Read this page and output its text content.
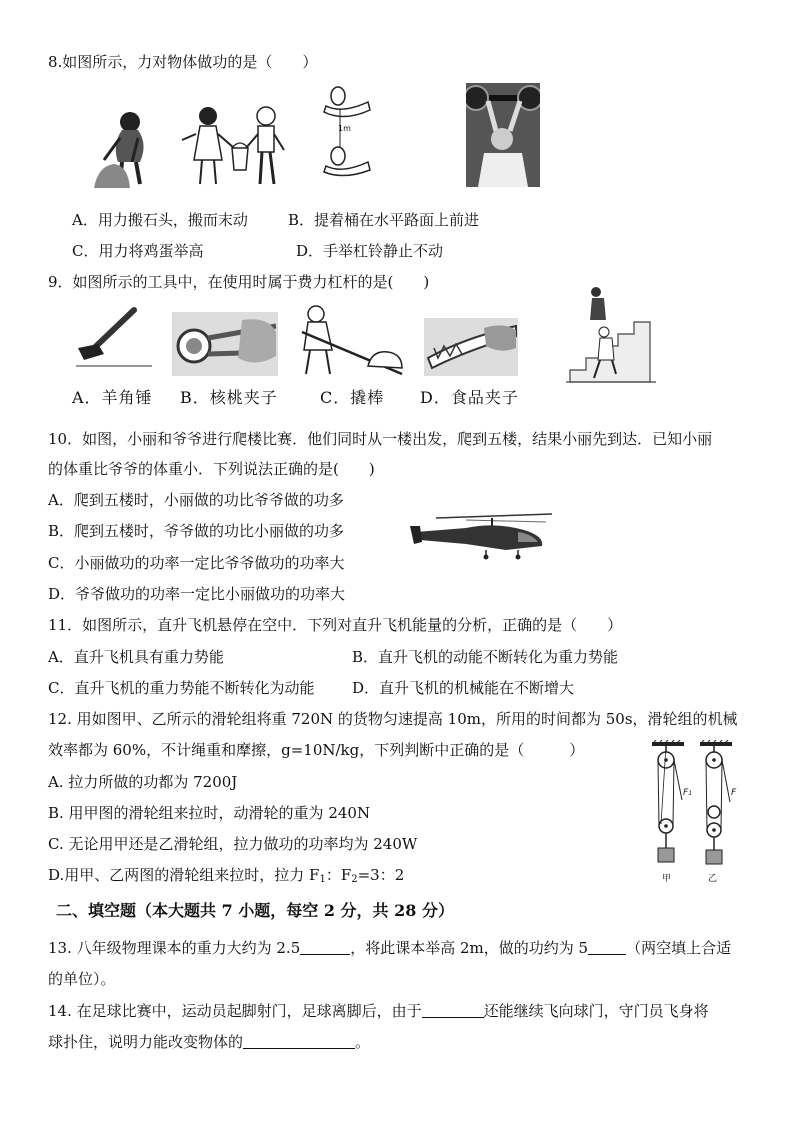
8.如图所示，力对物体做功的是（　　）
1m
A．用力搬石头，搬而末动	B．提着桶在水平路面上前进
C．用力将鸡蛋举高	D．手举杠铃静止不动
9．如图所示的工具中，在使用时属于费力杠杆的是(　　)
A．羊角锤 B．核桃夹子	C．撬棒 D．食品夹子
10．如图，小丽和爷爷进行爬楼比赛．他们同时从一楼出发，爬到五楼，结果小丽先到达．已知小丽
的体重比爷爷的体重小．下列说法正确的是(　　)
A．爬到五楼时，小丽做的功比爷爷做的功多
B．爬到五楼时，爷爷做的功比小丽做的功多
C．小丽做功的功率一定比爷爷做功的功率大
D．爷爷做功的功率一定比小丽做功的功率大
11．如图所示，直升飞机悬停在空中．下列对直升飞机能量的分析，正确的是（　　）
A．直升飞机具有重力势能	B．直升飞机的动能不断转化为重力势能
C．直升飞机的重力势能不断转化为动能	D．直升飞机的机械能在不断增大
12. 用如图甲、乙所示的滑轮组将重 720N 的货物匀速提高 10m，所用的时间都为 50s，滑轮组的机械
效率都为 60%，不计绳重和摩擦，g=10N/kg，下列判断中正确的是（　　　）
A. 拉力所做的功都为 7200J
B. 用甲图的滑轮组来拉时，动滑轮的重为 240N
C. 无论用甲还是乙滑轮组，拉力做功的功率均为 240W
D.用甲、乙两图的滑轮组来拉时，拉力 $F_1$：$F_2=3$：2
F1	F
甲	乙
二、填空题（本大题共 7 小题，每空 2 分，共 28 分）
13. 八年级物理课本的重力大约为 2.5	，将此课本举高 2m，做的功约为 5	（两空填上合适
的单位）。
14. 在足球比赛中，运动员起脚射门，足球离脚后，由于	还能继续飞向球门，守门员飞身将
球扑住，说明力能改变物体的	。
